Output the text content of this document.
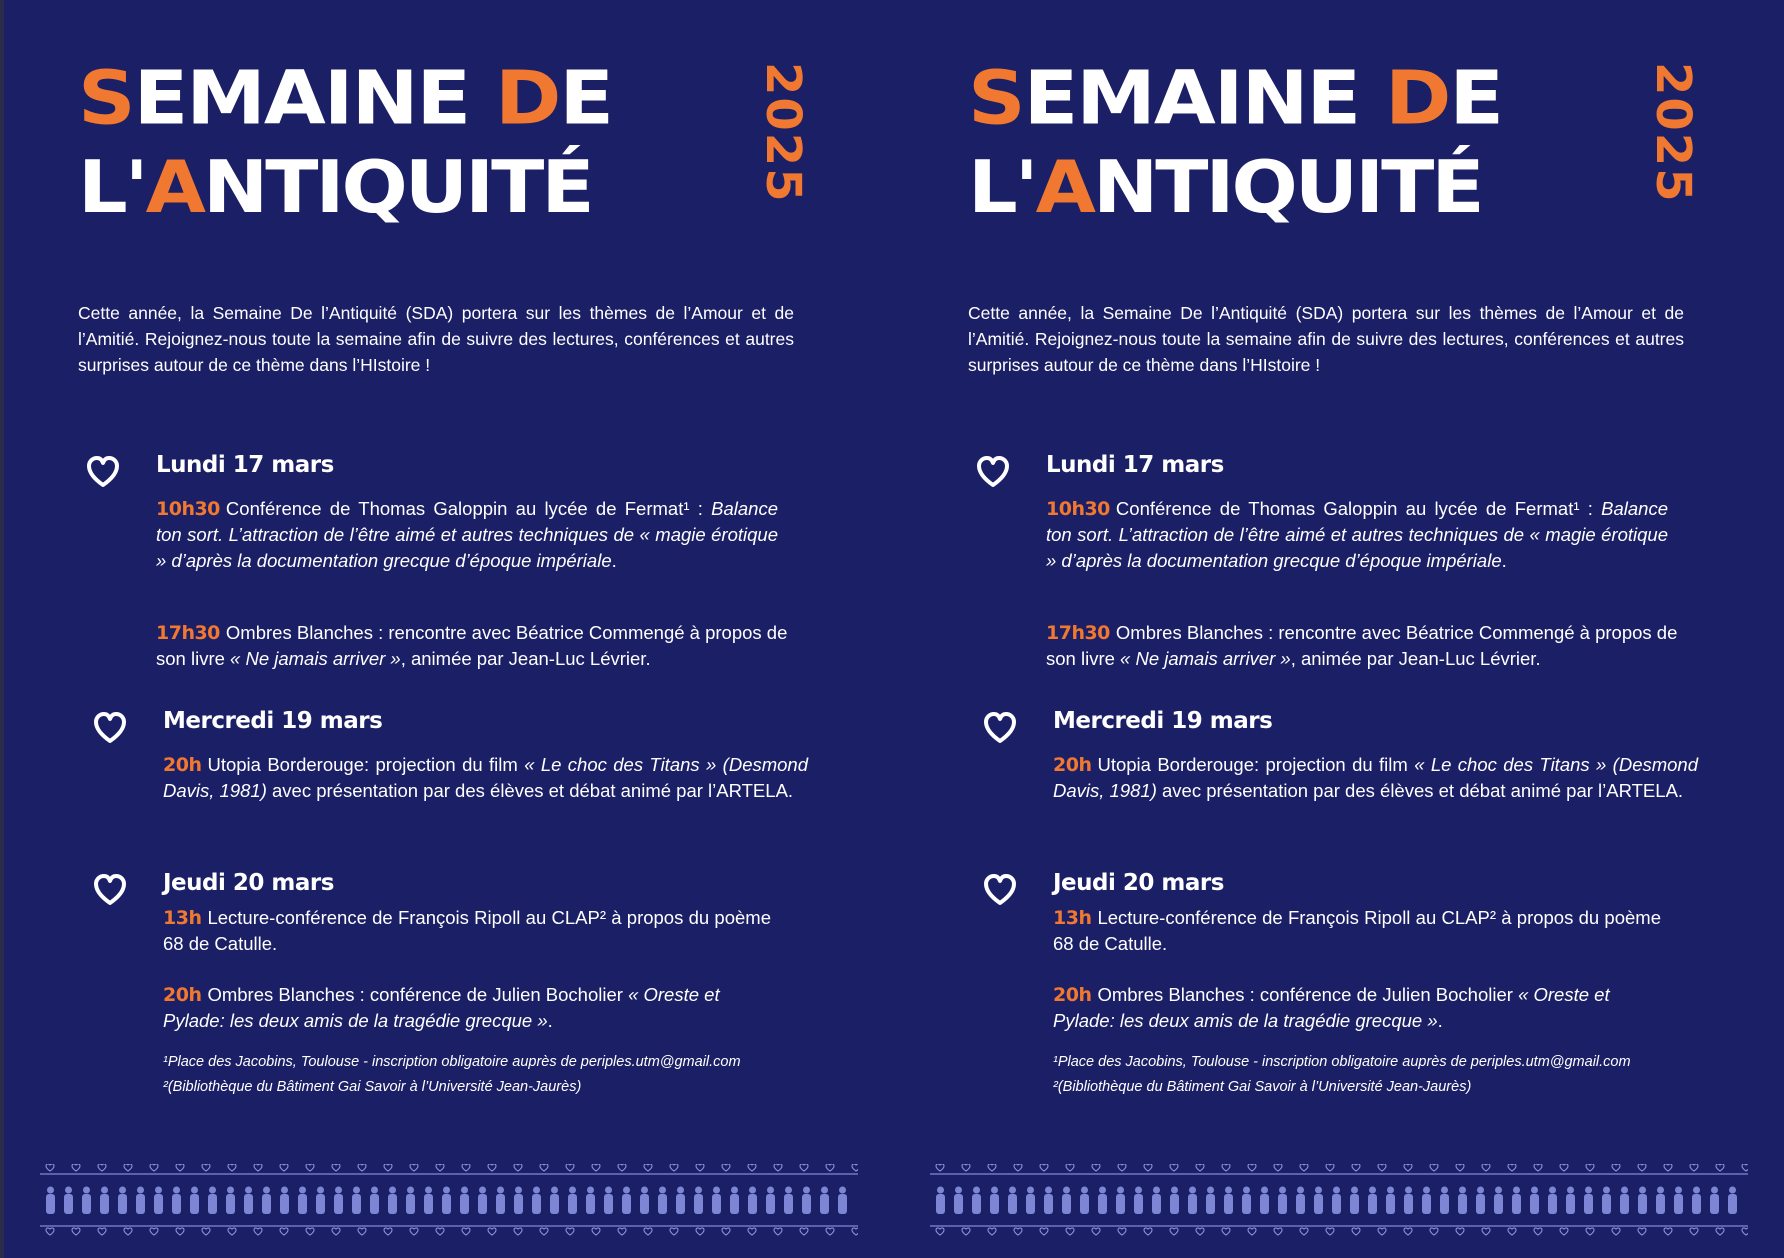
SEMAINE DE
L'ANTIQUITÉ	2025
Cette année, la Semaine De l’Antiquité (SDA) portera sur les thèmes de l’Amour et de l’Amitié. Rejoignez-nous toute la semaine afin de suivre des lectures, conférences et autres surprises autour de ce thème dans l’HIstoire !
Lundi 17 mars
10h30 Conférence de Thomas Galoppin au lycée de Fermat¹ : Balance ton sort. L’attraction de l’être aimé et autres techniques de « magie érotique » d’après la documentation grecque d’époque impériale.
17h30 Ombres Blanches : rencontre avec Béatrice Commengé à propos de son livre « Ne jamais arriver », animée par Jean-Luc Lévrier.
Mercredi 19 mars
20h Utopia Borderouge: projection du film « Le choc des Titans » (Desmond Davis, 1981) avec présentation par des élèves et débat animé par l’ARTELA.
Jeudi 20 mars
13h Lecture-conférence de François Ripoll au CLAP² à propos du poème 68 de Catulle.
20h Ombres Blanches : conférence de Julien Bocholier « Oreste et Pylade: les deux amis de la tragédie grecque ».
¹Place des Jacobins, Toulouse - inscription obligatoire auprès de periples.utm@gmail.com
²(Bibliothèque du Bâtiment Gai Savoir à l’Université Jean-Jaurès)
SEMAINE DE
L'ANTIQUITÉ	2025
Cette année, la Semaine De l’Antiquité (SDA) portera sur les thèmes de l’Amour et de l’Amitié. Rejoignez-nous toute la semaine afin de suivre des lectures, conférences et autres surprises autour de ce thème dans l’HIstoire !
Lundi 17 mars
10h30 Conférence de Thomas Galoppin au lycée de Fermat¹ : Balance ton sort. L’attraction de l’être aimé et autres techniques de « magie érotique » d’après la documentation grecque d’époque impériale.
17h30 Ombres Blanches : rencontre avec Béatrice Commengé à propos de son livre « Ne jamais arriver », animée par Jean-Luc Lévrier.
Mercredi 19 mars
20h Utopia Borderouge: projection du film « Le choc des Titans » (Desmond Davis, 1981) avec présentation par des élèves et débat animé par l’ARTELA.
Jeudi 20 mars
13h Lecture-conférence de François Ripoll au CLAP² à propos du poème 68 de Catulle.
20h Ombres Blanches : conférence de Julien Bocholier « Oreste et Pylade: les deux amis de la tragédie grecque ».
¹Place des Jacobins, Toulouse - inscription obligatoire auprès de periples.utm@gmail.com
²(Bibliothèque du Bâtiment Gai Savoir à l’Université Jean-Jaurès)
